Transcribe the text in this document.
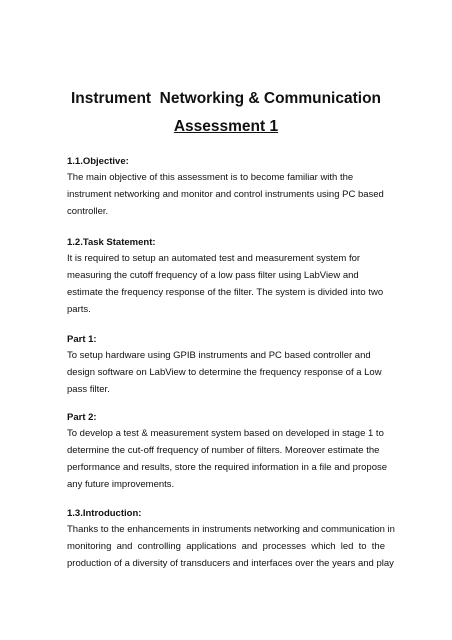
Instrument  Networking & Communication
Assessment 1
1.1.Objective:
The main objective of this assessment is to become familiar with the
instrument networking and monitor and control instruments using PC based
controller.
1.2.Task Statement:
It is required to setup an automated test and measurement system for
measuring the cutoff frequency of a low pass filter using LabView and
estimate the frequency response of the filter. The system is divided into two
parts.
Part 1:
To setup hardware using GPIB instruments and PC based controller and
design software on LabView to determine the frequency response of a Low
pass filter.
Part 2:
To develop a test & measurement system based on developed in stage 1 to
determine the cut-off frequency of number of filters. Moreover estimate the
performance and results, store the required information in a file and propose
any future improvements.
1.3.Introduction:
Thanks to the enhancements in instruments networking and communication in
monitoring and controlling applications and processes which led to the
production of a diversity of transducers and interfaces over the years and play
